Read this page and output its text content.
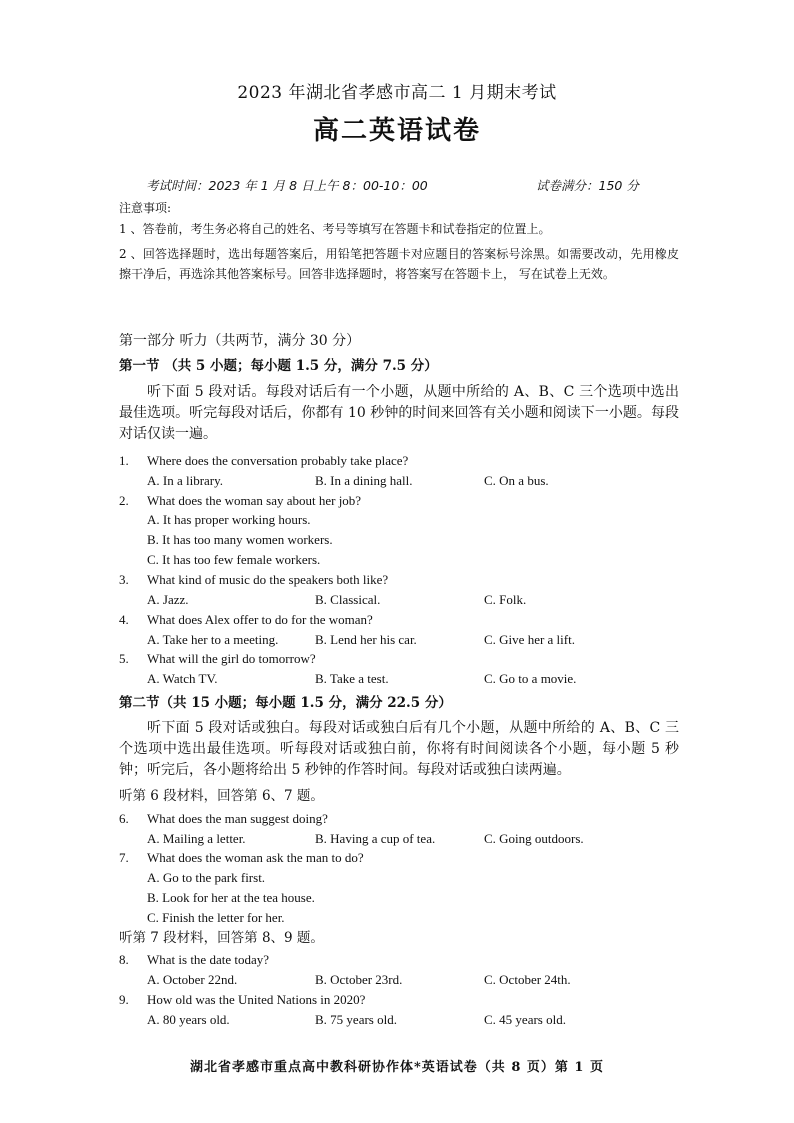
2023 年湖北省孝感市高二 1 月期末考试
高二英语试卷
考试时间：2023 年 1 月 8 日上午 8：00-10：00	试卷满分：150 分
注意事项:
1 、答卷前，考生务必将自己的姓名、考号等填写在答题卡和试卷指定的位置上。
2 、回答选择题时，选出每题答案后，用铅笔把答题卡对应题目的答案标号涂黑。如需要改动，先用橡皮擦干净后，再选涂其他答案标号。回答非选择题时，将答案写在答题卡上， 写在试卷上无效。
第一部分 听力（共两节，满分 30 分）
第一节 （共 5 小题；每小题 1.5 分，满分 7.5 分）
听下面 5 段对话。每段对话后有一个小题，从题中所给的 A、B、C 三个选项中选出最佳选项。听完每段对话后，你都有 10 秒钟的时间来回答有关小题和阅读下一小题。每段对话仅读一遍。
1. Where does the conversation probably take place?
A. In a library.	B. In a dining hall.	C. On a bus.
2. What does the woman say about her job?
A. It has proper working hours.
B. It has too many women workers.
C. It has too few female workers.
3. What kind of music do the speakers both like?
A. Jazz.	B. Classical.	C. Folk.
4. What does Alex offer to do for the woman?
A. Take her to a meeting.	B. Lend her his car.	C. Give her a lift.
5. What will the girl do tomorrow?
A. Watch TV.	B. Take a test.	C. Go to a movie.
第二节（共 15 小题；每小题 1.5 分，满分 22.5 分）
听下面 5 段对话或独白。每段对话或独白后有几个小题，从题中所给的 A、B、C 三个选项中选出最佳选项。听每段对话或独白前，你将有时间阅读各个小题，每小题 5 秒钟；听完后，各小题将给出 5 秒钟的作答时间。每段对话或独白读两遍。
听第 6 段材料，回答第 6、7 题。
6. What does the man suggest doing?
A. Mailing a letter.	B. Having a cup of tea.	C. Going outdoors.
7. What does the woman ask the man to do?
A. Go to the park first.
B. Look for her at the tea house.
C. Finish the letter for her.
听第 7 段材料，回答第 8、9 题。
8. What is the date today?
A. October 22nd.	B. October 23rd.	C. October 24th.
9. How old was the United Nations in 2020?
A. 80 years old.	B. 75 years old.	C. 45 years old.
湖北省孝感市重点高中教科研协作体*英语试卷（共 8 页）第 1 页
